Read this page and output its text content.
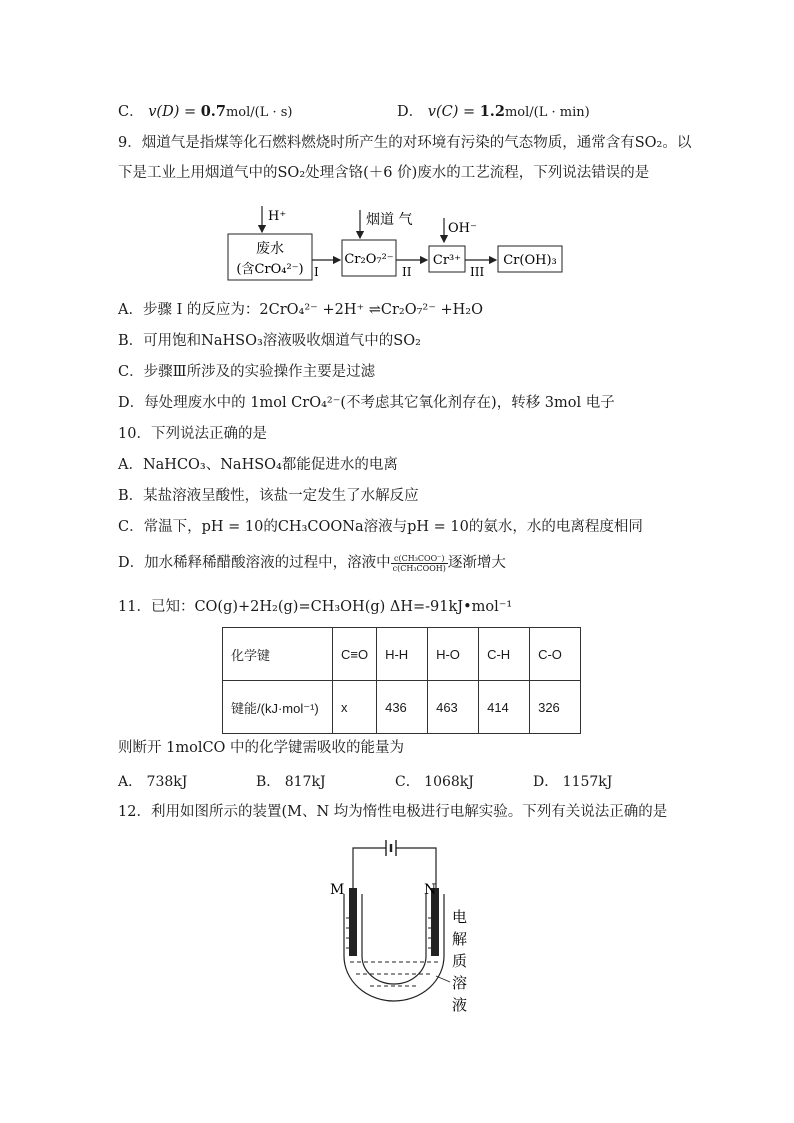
C． v(D) = 0.7mol/(L · s)	D． v(C) = 1.2mol/(L · min)
9．烟道气是指煤等化石燃料燃烧时所产生的对环境有污染的气态物质，通常含有SO₂。以
下是工业上用烟道气中的SO₂处理含铬(＋6 价)废水的工艺流程，下列说法错误的是
H⁺
废水
(含CrO₄²⁻) I
烟道 气
Cr₂O₇²⁻
II
OH⁻
Cr³⁺
III
Cr(OH)₃
A．步骤 I 的反应为：2CrO₄²⁻ +2H⁺ ⇌Cr₂O₇²⁻ +H₂O
B．可用饱和NaHSO₃溶液吸收烟道气中的SO₂
C．步骤Ⅲ所涉及的实验操作主要是过滤
D．每处理废水中的 1mol CrO₄²⁻(不考虑其它氧化剂存在)，转移 3mol 电子
10．下列说法正确的是
A．NaHCO₃、NaHSO₄都能促进水的电离
B．某盐溶液呈酸性，该盐一定发生了水解反应
C．常温下，pH = 10的CH₃COONa溶液与pH = 10的氨水，水的电离程度相同
D．加水稀释稀醋酸溶液的过程中，溶液中 $\frac{\text{c(CH₃COO⁻)}}{\text{c(CH₃COOH)}}$ 逐渐增大
11．已知：CO(g)+2H₂(g)=CH₃OH(g) ΔH=-91kJ•mol⁻¹
化学键	C≡O	H-H	H-O	C-H	C-O
键能/(kJ·mol⁻¹)	x	436	463	414	326
则断开 1molCO 中的化学键需吸收的能量为
A． 738kJ	B． 817kJ	C． 1068kJ	D． 1157kJ
12．利用如图所示的装置(M、N 均为惰性电极进行电解实验。下列有关说法正确的是
M	N
电
解
质
溶
液
